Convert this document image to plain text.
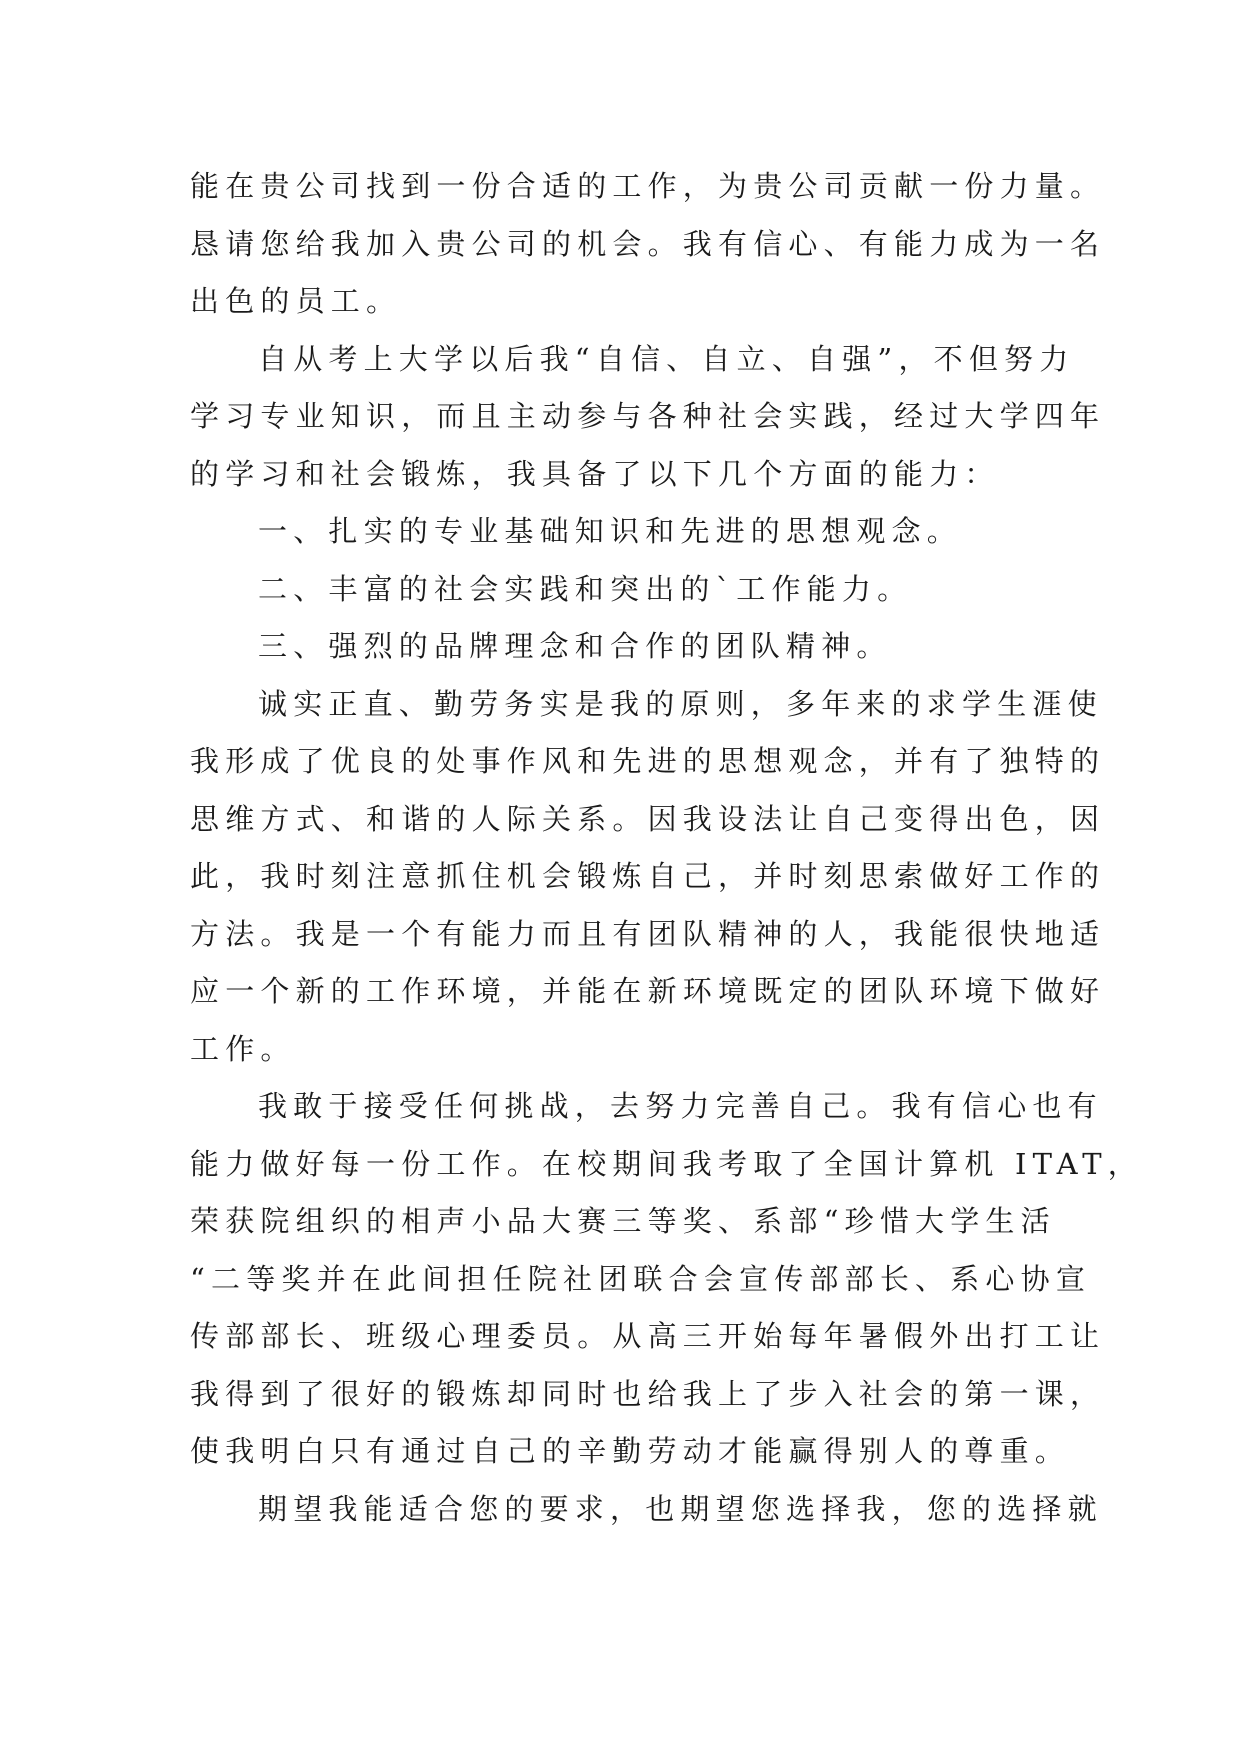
能在贵公司找到一份合适的工作，为贵公司贡献一份力量。
恳请您给我加入贵公司的机会。我有信心、有能力成为一名
出色的员工。
自从考上大学以后我“自信、自立、自强”，不但努力
学习专业知识，而且主动参与各种社会实践，经过大学四年
的学习和社会锻炼，我具备了以下几个方面的能力：
一、扎实的专业基础知识和先进的思想观念。
二、丰富的社会实践和突出的`工作能力。
三、强烈的品牌理念和合作的团队精神。
诚实正直、勤劳务实是我的原则，多年来的求学生涯使
我形成了优良的处事作风和先进的思想观念，并有了独特的
思维方式、和谐的人际关系。因我设法让自己变得出色，因
此，我时刻注意抓住机会锻炼自己，并时刻思索做好工作的
方法。我是一个有能力而且有团队精神的人，我能很快地适
应一个新的工作环境，并能在新环境既定的团队环境下做好
工作。
我敢于接受任何挑战，去努力完善自己。我有信心也有
能力做好每一份工作。在校期间我考取了全国计算机 ITAT，
荣获院组织的相声小品大赛三等奖、系部“珍惜大学生活
“二等奖并在此间担任院社团联合会宣传部部长、系心协宣
传部部长、班级心理委员。从高三开始每年暑假外出打工让
我得到了很好的锻炼却同时也给我上了步入社会的第一课，
使我明白只有通过自己的辛勤劳动才能赢得别人的尊重。
期望我能适合您的要求，也期望您选择我，您的选择就
